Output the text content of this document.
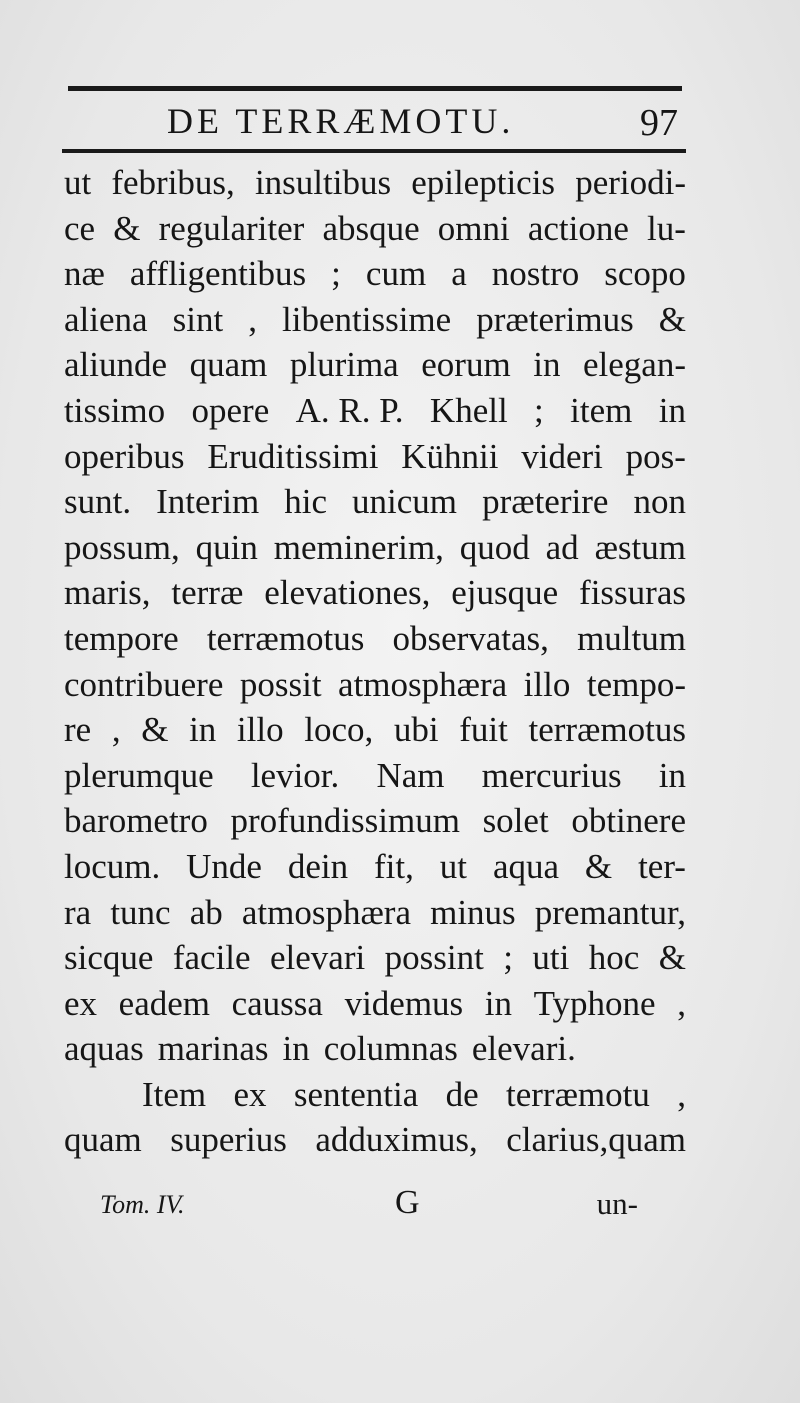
DE TERRÆMOTU.	97
ut febribus, insultibus epilepticis periodi-
ce & regulariter absque omni actione lu-
næ affligentibus ; cum a nostro scopo
aliena sint , libentissime præterimus &
aliunde quam plurima eorum in elegan-
tissimo opere A. R. P. Khell ; item in
operibus Eruditissimi Kühnii videri pos-
sunt. Interim hic unicum præterire non
possum, quin meminerim, quod ad æstum
maris, terræ elevationes, ejusque fissuras
tempore terræmotus observatas, multum
contribuere possit atmosphæra illo tempo-
re , & in illo loco, ubi fuit terræmotus
plerumque levior. Nam mercurius in
barometro profundissimum solet obtinere
locum. Unde dein fit, ut aqua & ter-
ra tunc ab atmosphæra minus premantur,
sicque facile elevari possint ; uti hoc &
ex eadem caussa videmus in Typhone ,
aquas marinas in columnas elevari.
Item ex sententia de terræmotu ,
quam superius adduximus, clarius,quam
Tom. IV.	G	un-
